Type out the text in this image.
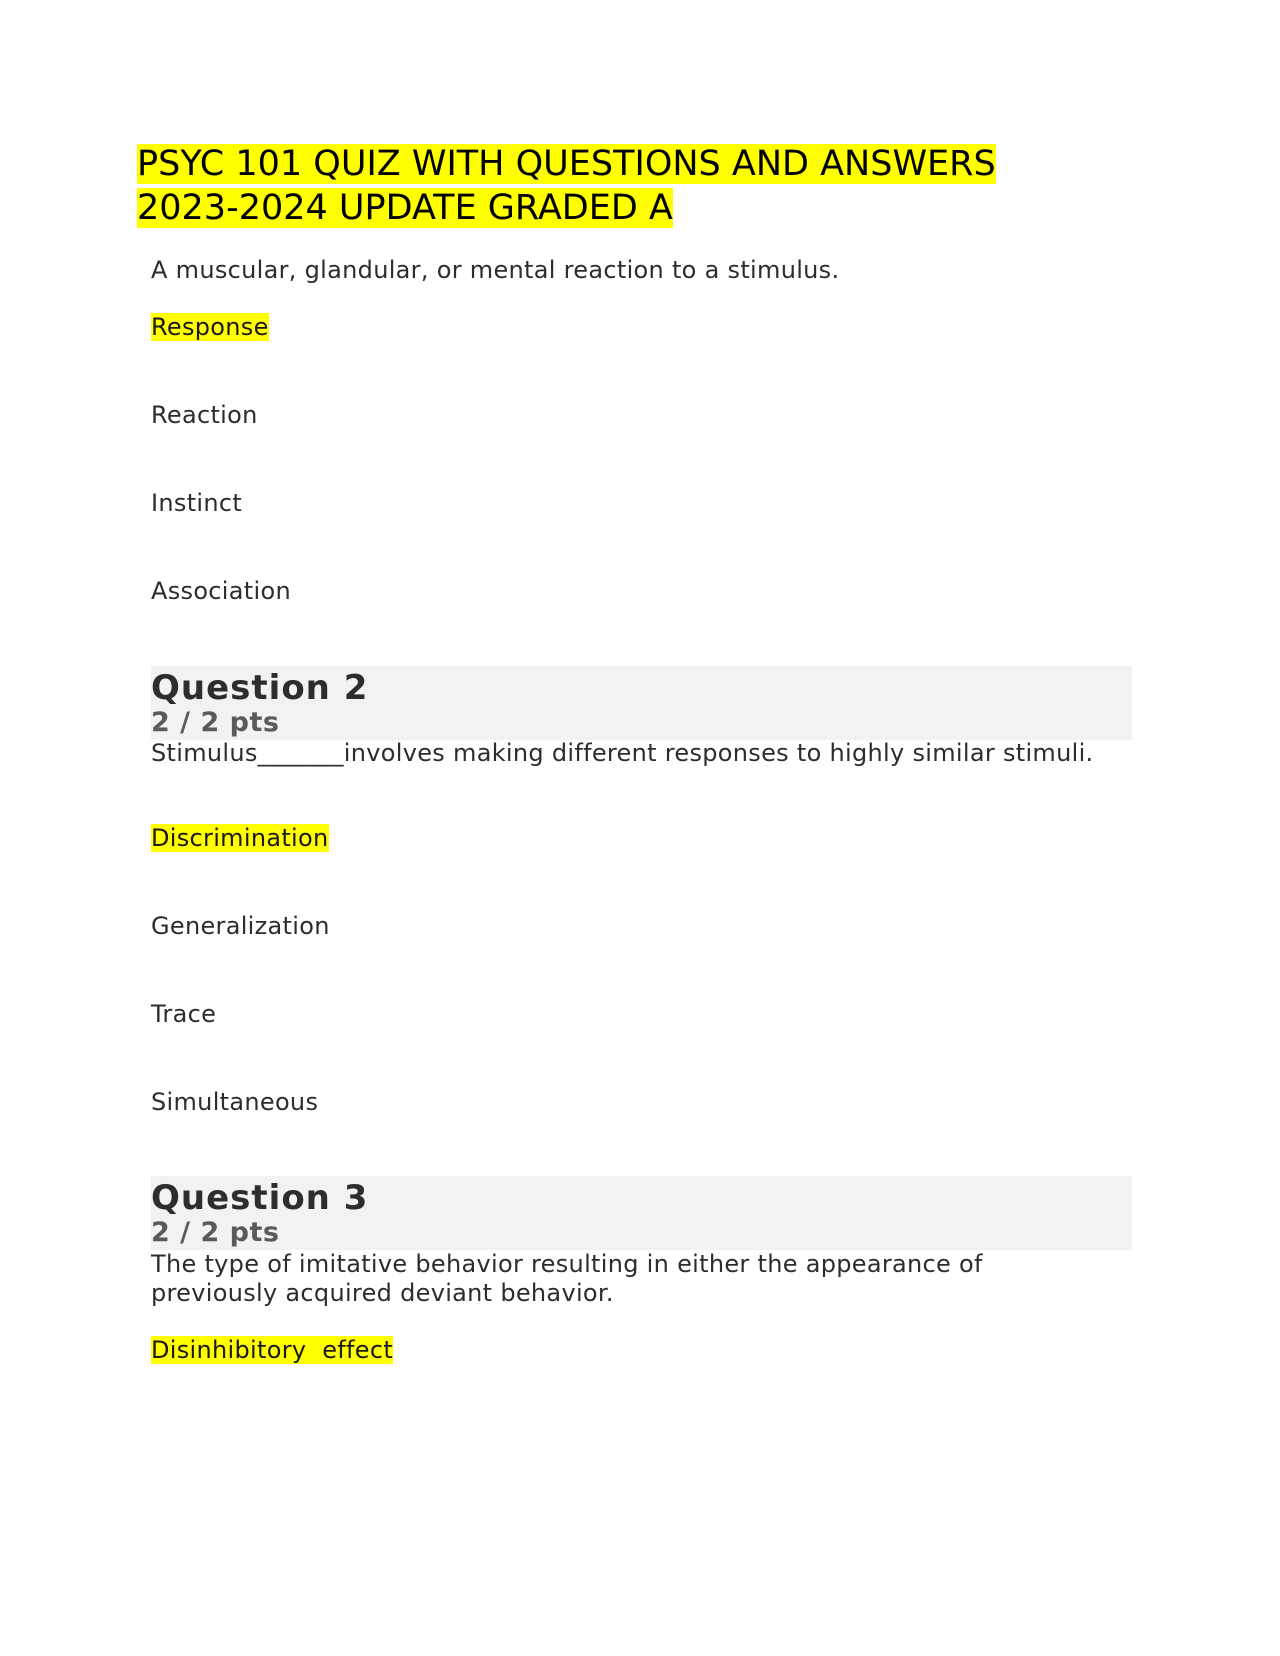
PSYC 101 QUIZ WITH QUESTIONS AND ANSWERS 2023-2024 UPDATE GRADED A

A muscular, glandular, or mental reaction to a stimulus.

Response

Reaction

Instinct

Association

Question 2

2 / 2 pts

Stimulus_______involves making different responses to highly similar stimuli.

Discrimination

Generalization

Trace

Simultaneous

Question 3

2 / 2 pts

The type of imitative behavior resulting in either the appearance of previously acquired deviant behavior.

Disinhibitory  effect
